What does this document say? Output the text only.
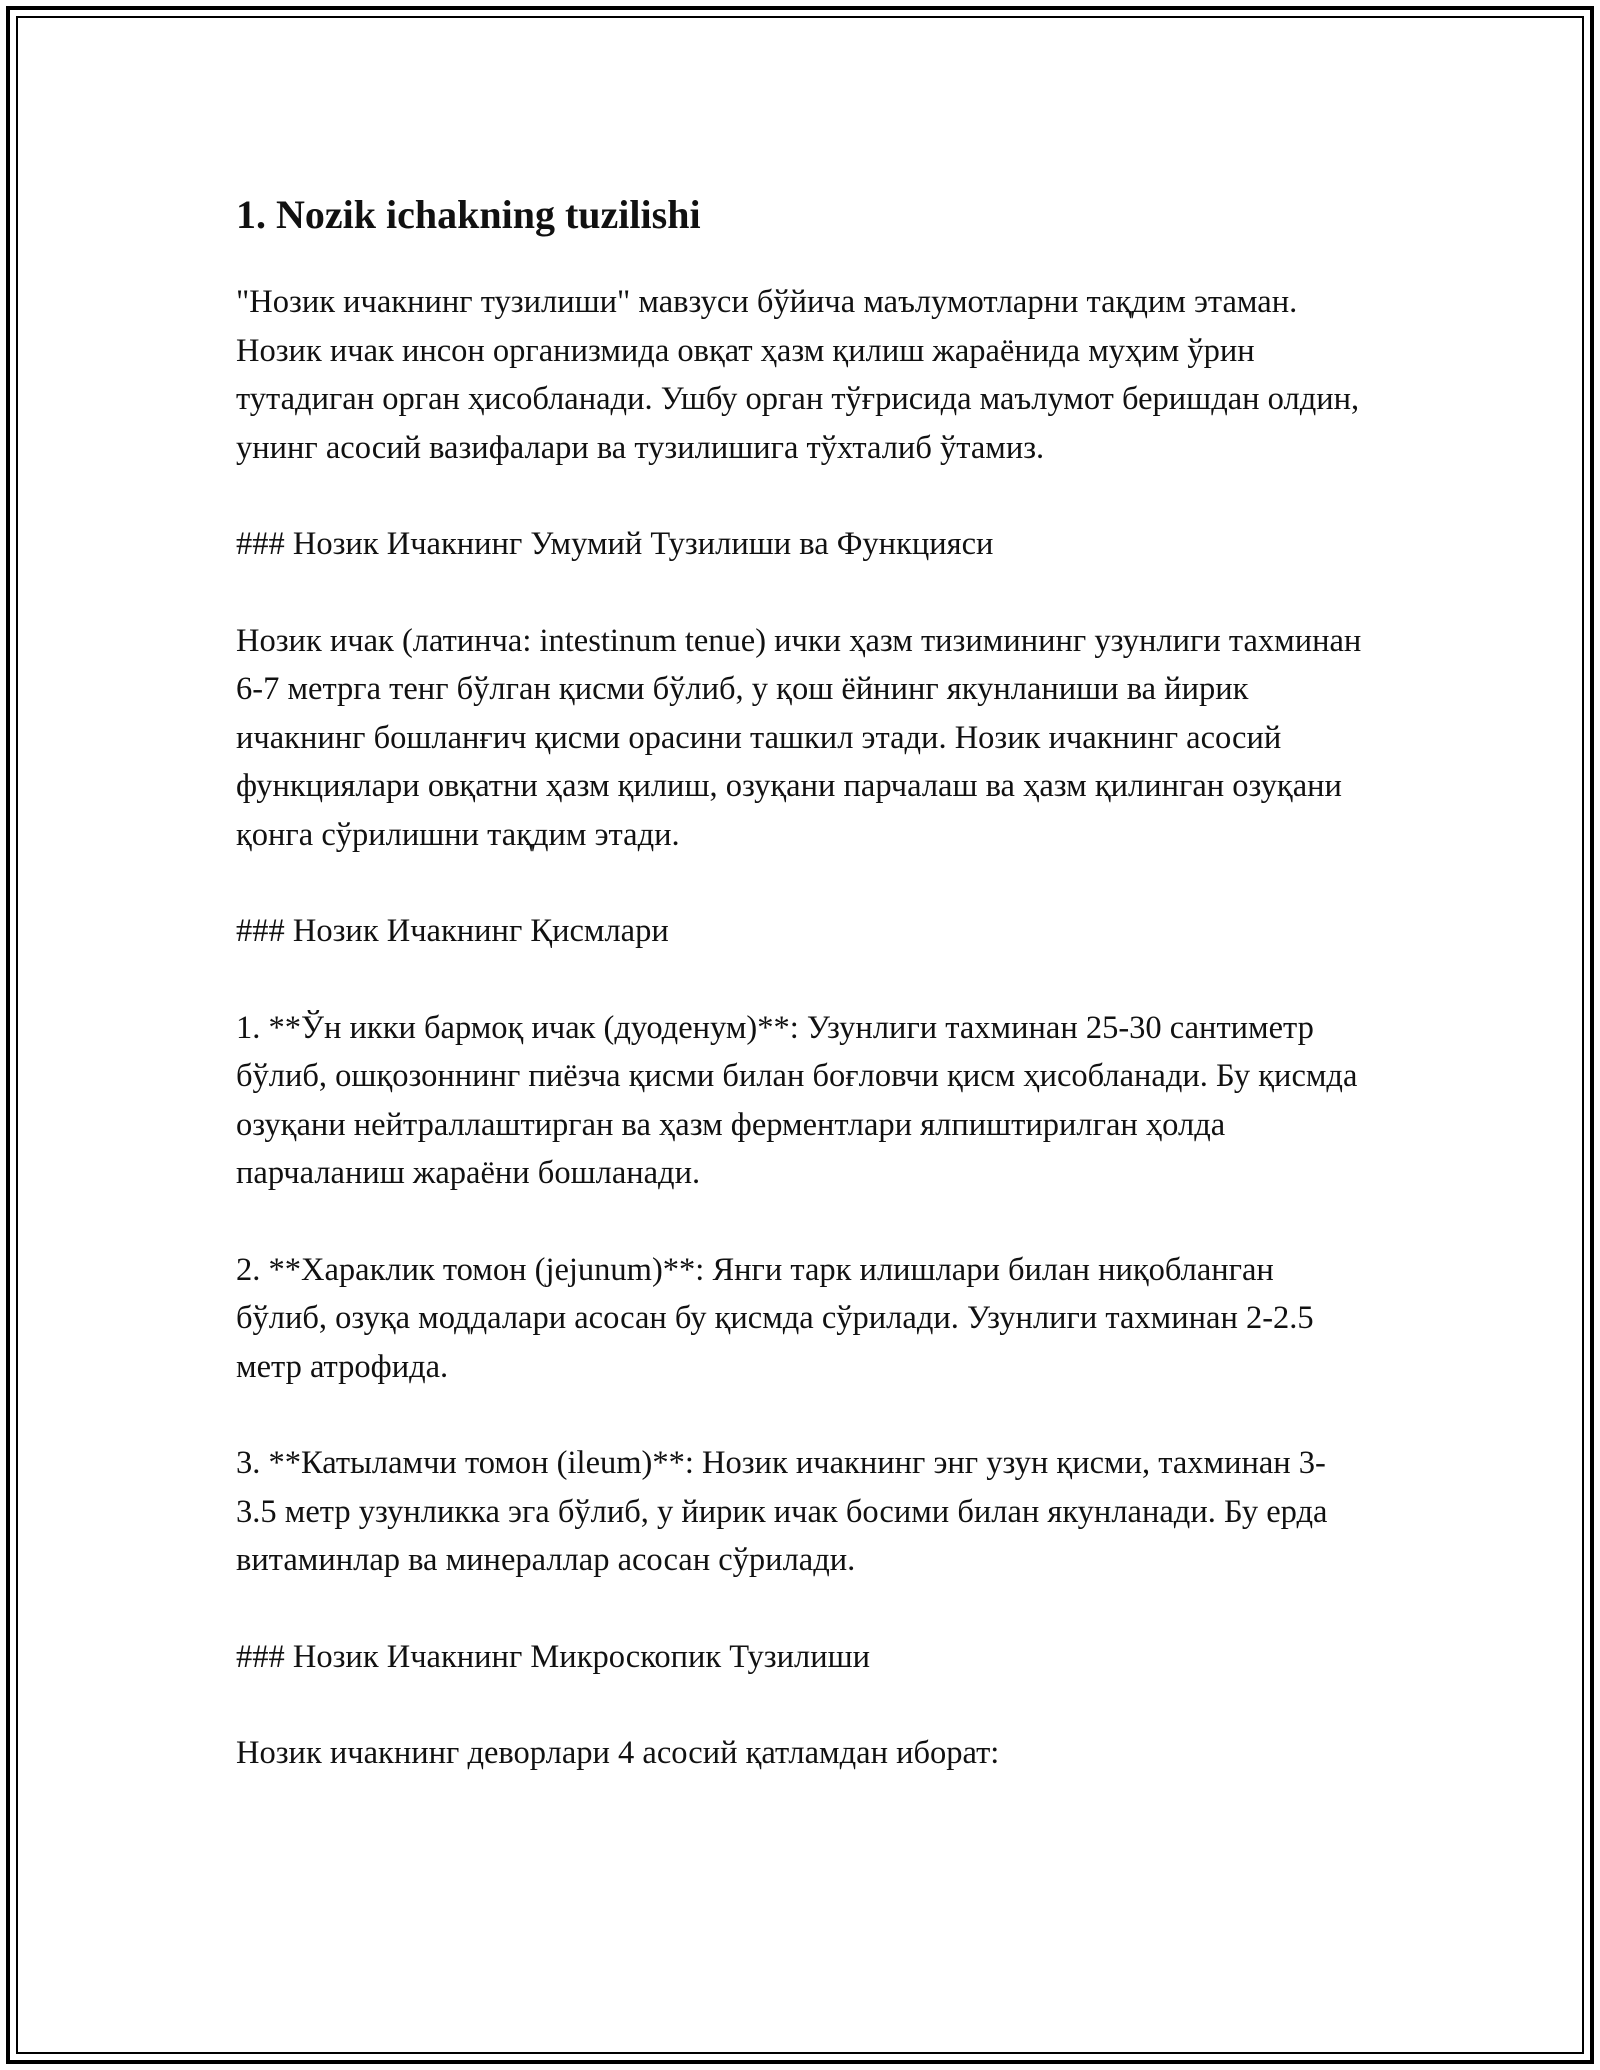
1. Nozik ichakning tuzilishi

"Нозик ичакнинг тузилиши" мавзуси бўйича маълумотларни тақдим этаман. Нозик ичак инсон организмида овқат ҳазм қилиш жараёнида муҳим ўрин тутадиган орган ҳисобланади. Ушбу орган тўғрисида маълумот беришдан олдин, унинг асосий вазифалари ва тузилишига тўхталиб ўтамиз.

### Нозик Ичакнинг Умумий Тузилиши ва Функцияси

Нозик ичак (латинча: intestinum tenue) ички ҳазм тизимининг узунлиги тахминан 6-7 метрга тенг бўлган қисми бўлиб, у қош ёйнинг якунланиши ва йирик ичакнинг бошланғич қисми орасини ташкил этади. Нозик ичакнинг асосий функциялари овқатни ҳазм қилиш, озуқани парчалаш ва ҳазм қилинган озуқани қонга сўрилишни тақдим этади.

### Нозик Ичакнинг Қисмлари

1. **Ўн икки бармоқ ичак (дуоденум)**: Узунлиги тахминан 25-30 сантиметр бўлиб, ошқозоннинг пиёзча қисми билан боғловчи қисм ҳисобланади. Бу қисмда озуқани нейтраллаштирган ва ҳазм ферментлари ялпиштирилган ҳолда парчаланиш жараёни бошланади.

2. **Хараклик томон (jejunum)**: Янги тарк илишлари билан ниқобланган бўлиб, озуқа моддалари асосан бу қисмда сўрилади. Узунлиги тахминан 2-2.5 метр атрофида.

3. **Катыламчи томон (ileum)**: Нозик ичакнинг энг узун қисми, тахминан 3-3.5 метр узунликка эга бўлиб, у йирик ичак босими билан якунланади. Бу ерда витаминлар ва минераллар асосан сўрилади.

### Нозик Ичакнинг Микроскопик Тузилиши

Нозик ичакнинг деворлари 4 асосий қатламдан иборат:
